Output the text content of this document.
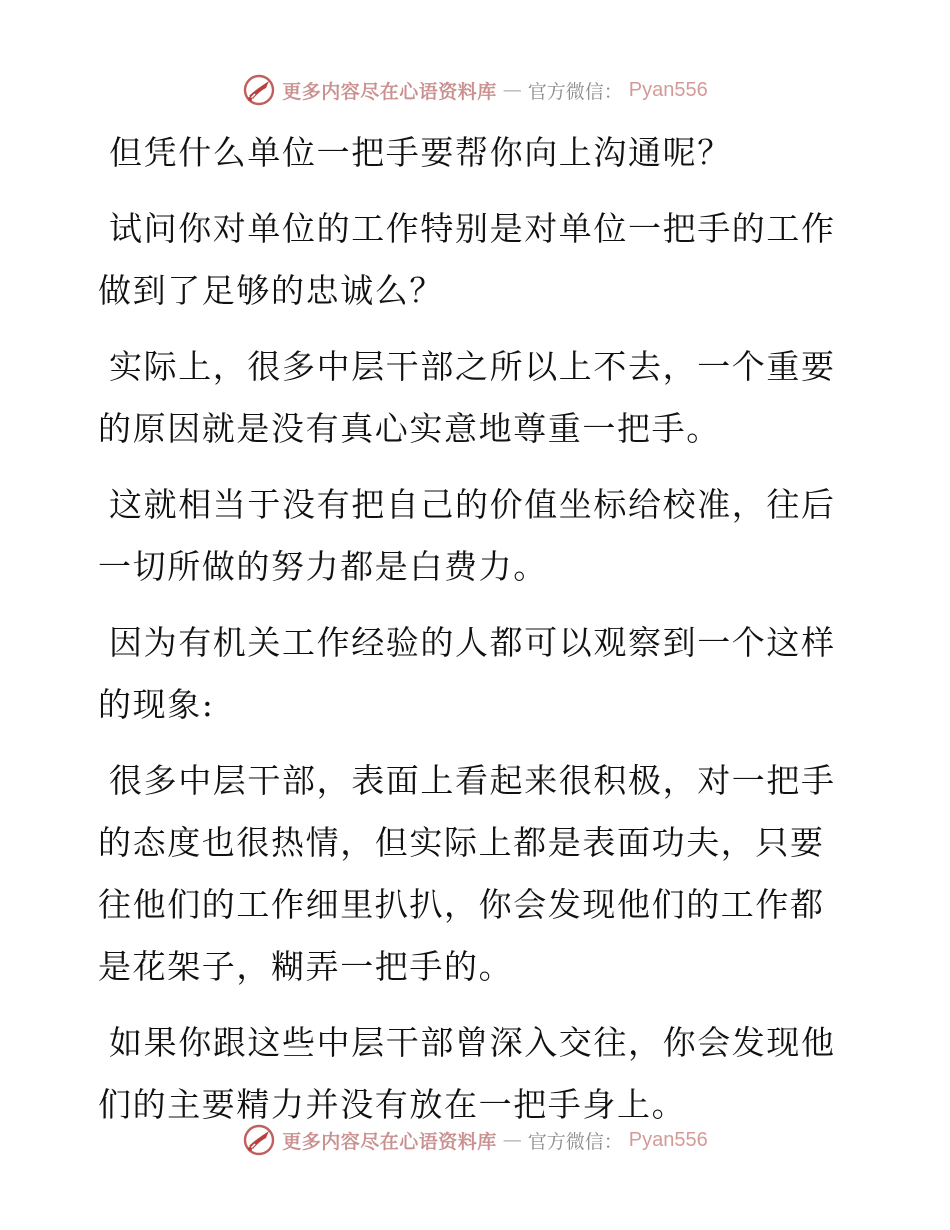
更多内容尽在心语资料库 — 官方微信： Pyan556

但凭什么单位一把手要帮你向上沟通呢？

试问你对单位的工作特别是对单位一把手的工作做到了足够的忠诚么？

实际上，很多中层干部之所以上不去，一个重要的原因就是没有真心实意地尊重一把手。

这就相当于没有把自己的价值坐标给校准，往后一切所做的努力都是白费力。

因为有机关工作经验的人都可以观察到一个这样的现象:

很多中层干部，表面上看起来很积极，对一把手的态度也很热情，但实际上都是表面功夫，只要往他们的工作细里扒扒，你会发现他们的工作都是花架子，糊弄一把手的。

如果你跟这些中层干部曾深入交往，你会发现他们的主要精力并没有放在一把手身上。

更多内容尽在心语资料库 — 官方微信： Pyan556
